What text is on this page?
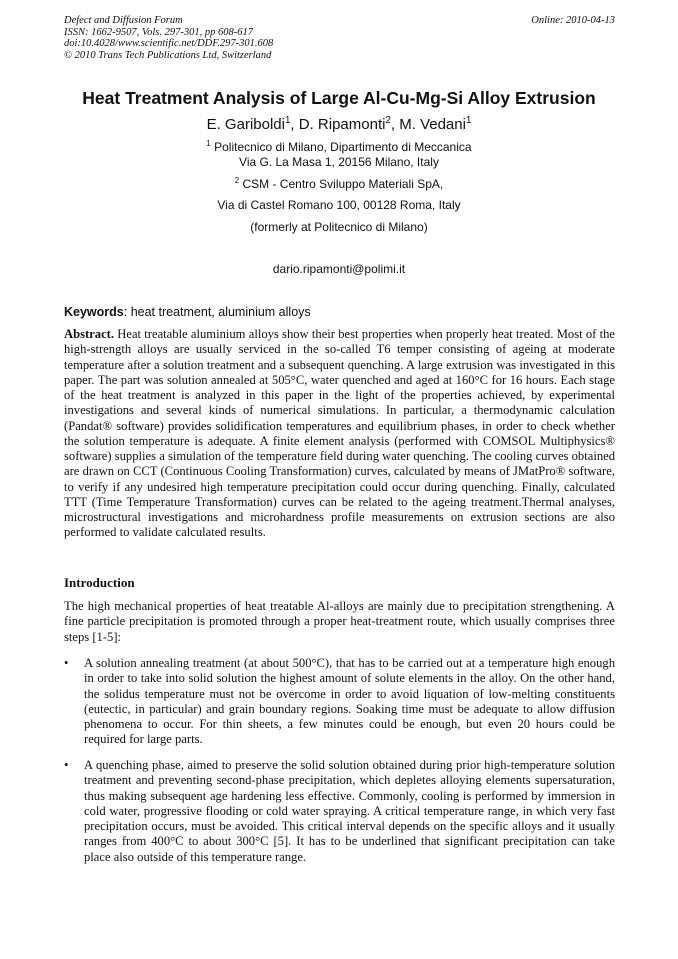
Defect and Diffusion Forum
ISSN: 1662-9507, Vols. 297-301, pp 608-617
doi:10.4028/www.scientific.net/DDF.297-301.608
© 2010 Trans Tech Publications Ltd, Switzerland
Online: 2010-04-13
Heat Treatment Analysis of Large Al-Cu-Mg-Si Alloy Extrusion
E. Gariboldi$^1$, D. Ripamonti$^2$, M. Vedani$^1$
$^1$ Politecnico di Milano, Dipartimento di Meccanica
Via G. La Masa 1, 20156 Milano, Italy
$^2$ CSM - Centro Sviluppo Materiali SpA,
Via di Castel Romano 100, 00128 Roma, Italy
(formerly at Politecnico di Milano)
dario.ripamonti@polimi.it
Keywords: heat treatment, aluminium alloys
Abstract. Heat treatable aluminium alloys show their best properties when properly heat treated. Most of the high-strength alloys are usually serviced in the so-called T6 temper consisting of ageing at moderate temperature after a solution treatment and a subsequent quenching. A large extrusion was investigated in this paper. The part was solution annealed at 505°C, water quenched and aged at 160°C for 16 hours. Each stage of the heat treatment is analyzed in this paper in the light of the properties achieved, by experimental investigations and several kinds of numerical simulations. In particular, a thermodynamic calculation (Pandat® software) provides solidification temperatures and equilibrium phases, in order to check whether the solution temperature is adequate. A finite element analysis (performed with COMSOL Multiphysics® software) supplies a simulation of the temperature field during water quenching. The cooling curves obtained are drawn on CCT (Continuous Cooling Transformation) curves, calculated by means of JMatPro® software, to verify if any undesired high temperature precipitation could occur during quenching. Finally, calculated TTT (Time Temperature Transformation) curves can be related to the ageing treatment.Thermal analyses, microstructural investigations and microhardness profile measurements on extrusion sections are also performed to validate calculated results.
Introduction
The high mechanical properties of heat treatable Al-alloys are mainly due to precipitation strengthening. A fine particle precipitation is promoted through a proper heat-treatment route, which usually comprises three steps [1-5]:
• A solution annealing treatment (at about 500°C), that has to be carried out at a temperature high enough in order to take into solid solution the highest amount of solute elements in the alloy. On the other hand, the solidus temperature must not be overcome in order to avoid liquation of low-melting constituents (eutectic, in particular) and grain boundary regions. Soaking time must be adequate to allow diffusion phenomena to occur. For thin sheets, a few minutes could be enough, but even 20 hours could be required for large parts.
• A quenching phase, aimed to preserve the solid solution obtained during prior high-temperature solution treatment and preventing second-phase precipitation, which depletes alloying elements supersaturation, thus making subsequent age hardening less effective. Commonly, cooling is performed by immersion in cold water, progressive flooding or cold water spraying. A critical temperature range, in which very fast precipitation occurs, must be avoided. This critical interval depends on the specific alloys and it usually ranges from 400°C to about 300°C [5]. It has to be underlined that significant precipitation can take place also outside of this temperature range.
